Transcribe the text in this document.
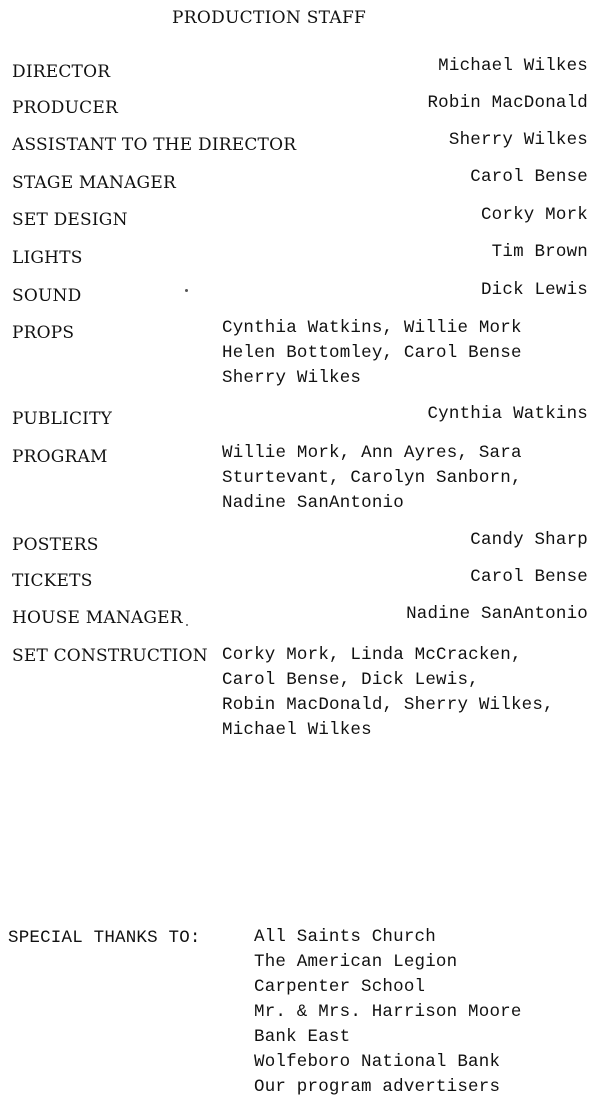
PRODUCTION STAFF
DIRECTOR	Michael Wilkes
PRODUCER	Robin MacDonald
ASSISTANT TO THE DIRECTOR	Sherry Wilkes
STAGE MANAGER	Carol Bense
SET DESIGN	Corky Mork
LIGHTS	Tim Brown
SOUND	Dick Lewis
PROPS	Cynthia Watkins, Willie Mork
Helen Bottomley, Carol Bense
Sherry Wilkes
PUBLICITY	Cynthia Watkins
PROGRAM	Willie Mork, Ann Ayres, Sara
Sturtevant, Carolyn Sanborn,
Nadine SanAntonio
POSTERS	Candy Sharp
TICKETS	Carol Bense
HOUSE MANAGER	Nadine SanAntonio
SET CONSTRUCTION Corky Mork, Linda McCracken,
Carol Bense, Dick Lewis,
Robin MacDonald, Sherry Wilkes,
Michael Wilkes
SPECIAL THANKS TO:	All Saints Church
The American Legion
Carpenter School
Mr. & Mrs. Harrison Moore
Bank East
Wolfeboro National Bank
Our program advertisers
